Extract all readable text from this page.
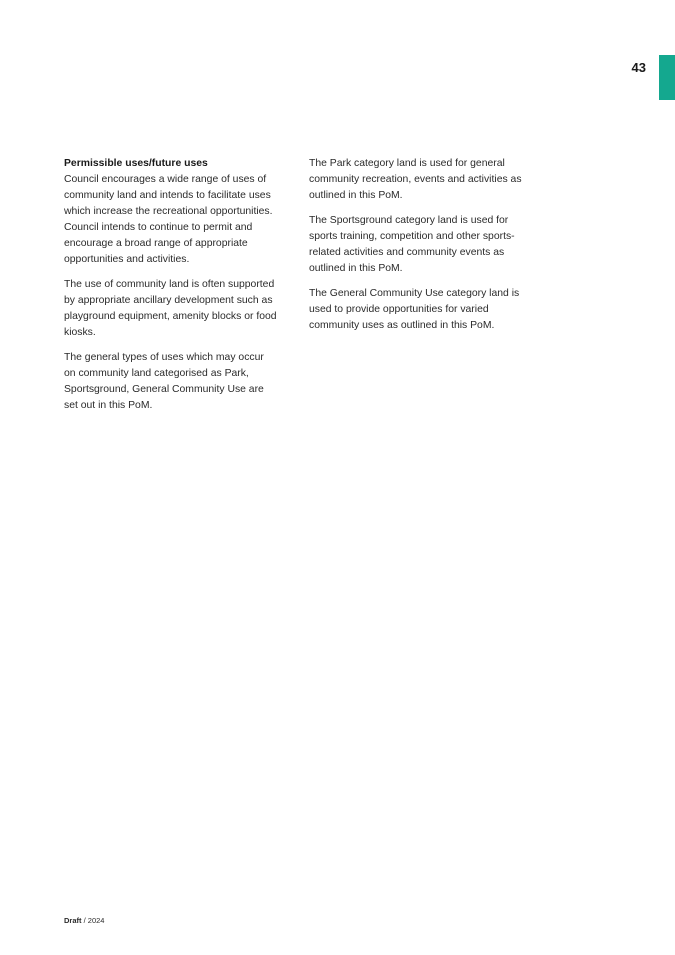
43

Permissible uses/future uses

Council encourages a wide range of uses of community land and intends to facilitate uses which increase the recreational opportunities. Council intends to continue to permit and encourage a broad range of appropriate opportunities and activities.

The use of community land is often supported by appropriate ancillary development such as playground equipment, amenity blocks or food kiosks.

The general types of uses which may occur on community land categorised as Park, Sportsground, General Community Use are set out in this PoM.

The Park category land is used for general community recreation, events and activities as outlined in this PoM.

The Sportsground category land is used for sports training, competition and other sports-related activities and community events as outlined in this PoM.

The General Community Use category land is used to provide opportunities for varied community uses as outlined in this PoM.

Draft / 2024
